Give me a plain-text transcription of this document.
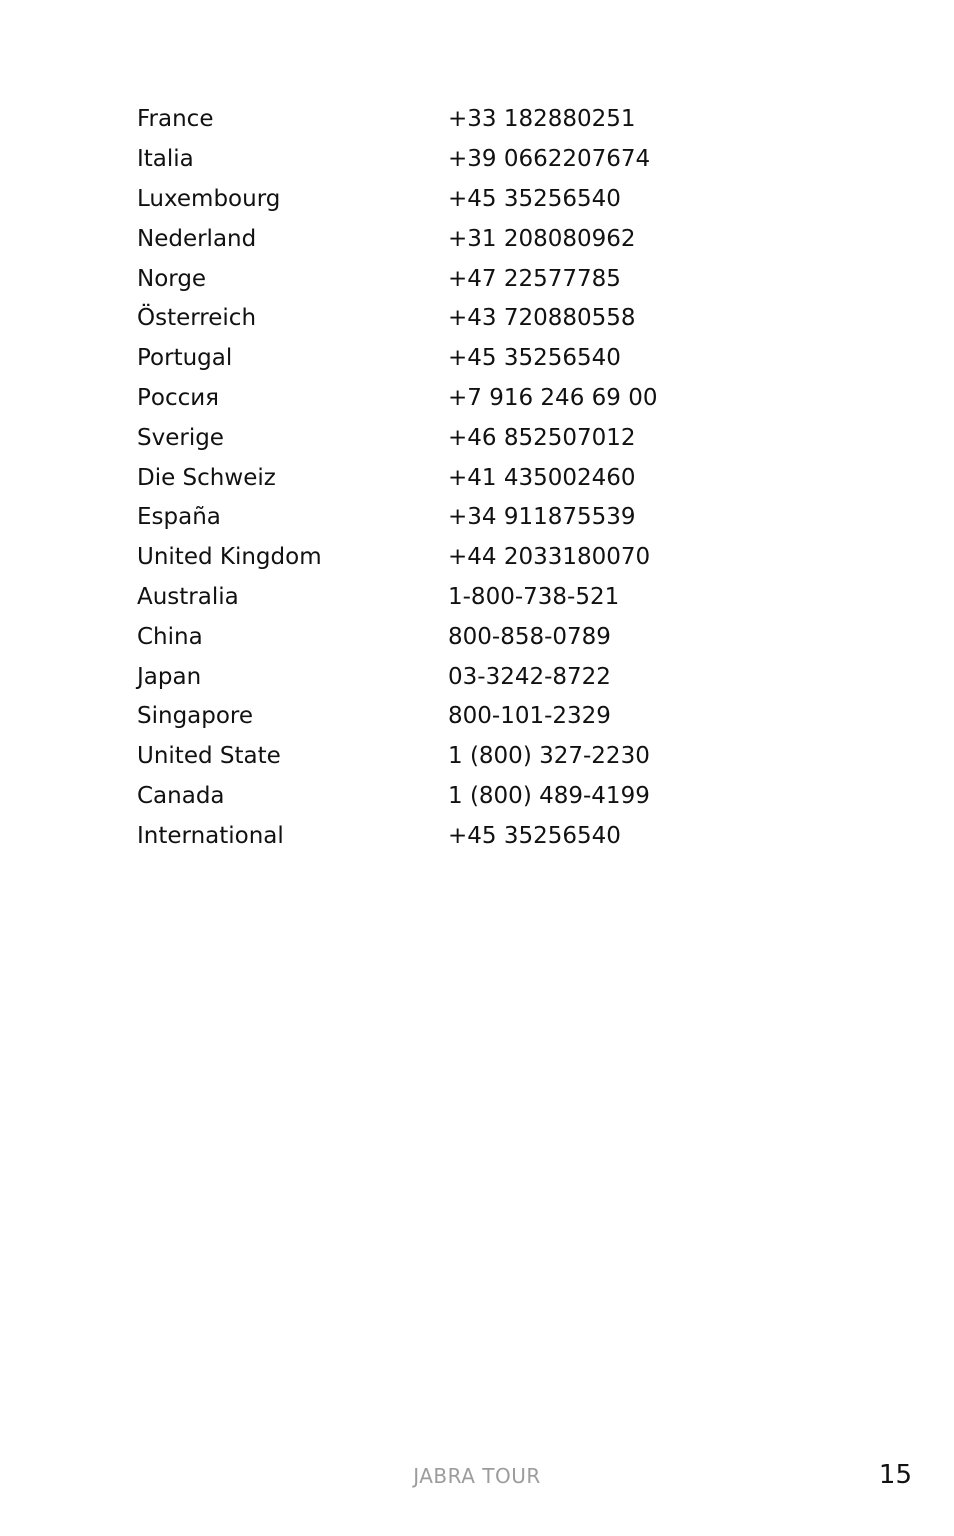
France	+33 182880251
Italia	+39 0662207674
Luxembourg	+45 35256540
Nederland	+31 208080962
Norge	+47 22577785
Österreich	+43 720880558
Portugal	+45 35256540
Россия	+7 916 246 69 00
Sverige	+46 852507012
Die Schweiz	+41 435002460
España	+34 911875539
United Kingdom	+44 2033180070
Australia	1-800-738-521
China	800-858-0789
Japan	03-3242-8722
Singapore	800-101-2329
United State	1 (800) 327-2230
Canada	1 (800) 489-4199
International	+45 35256540
JABRA TOUR	15
